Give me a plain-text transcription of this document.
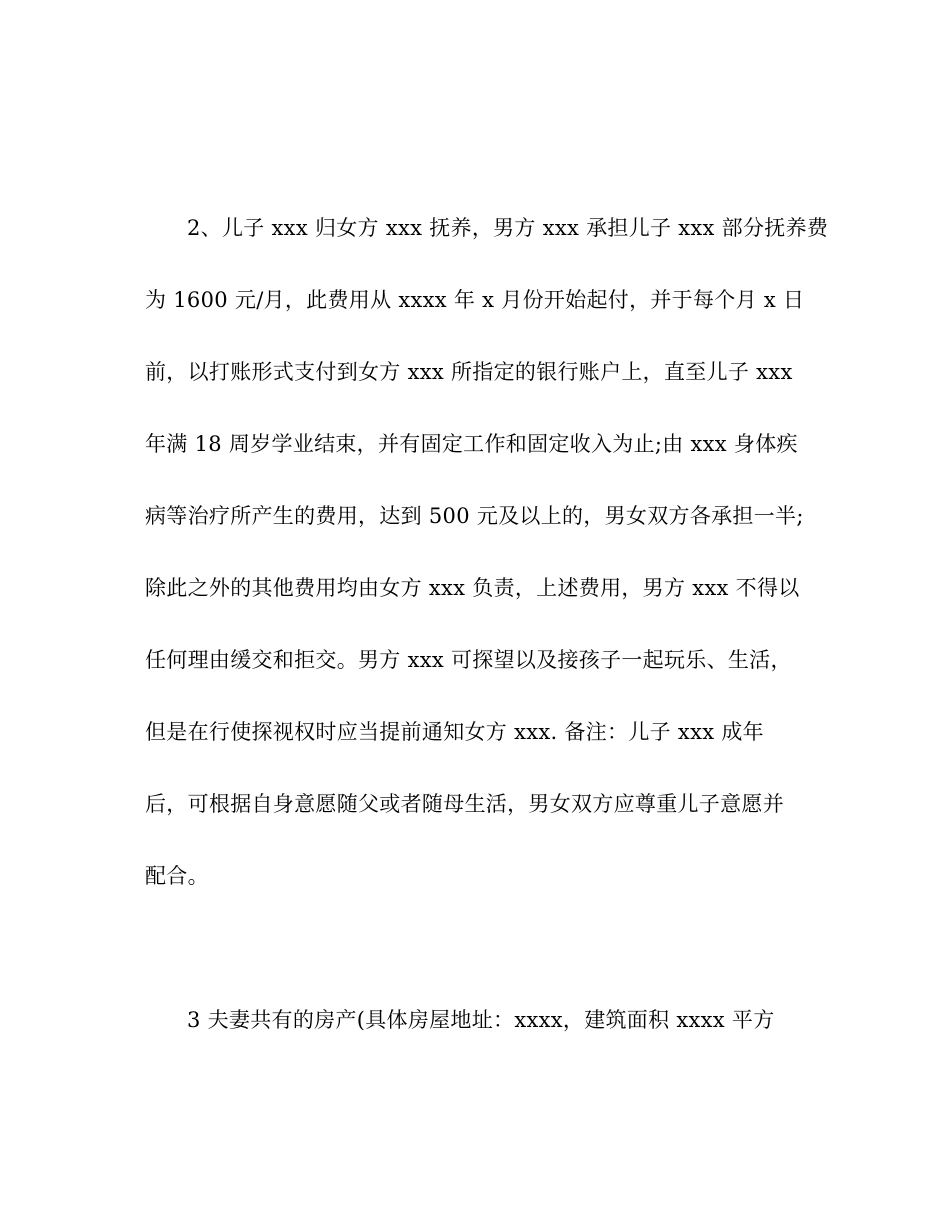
2、儿子 xxx 归女方 xxx 抚养，男方 xxx 承担儿子 xxx 部分抚养费
为 1600 元/月，此费用从 xxxx 年 x 月份开始起付，并于每个月 x 日
前，以打账形式支付到女方 xxx 所指定的银行账户上，直至儿子 xxx
年满 18 周岁学业结束，并有固定工作和固定收入为止;由 xxx 身体疾
病等治疗所产生的费用，达到 500 元及以上的，男女双方各承担一半;
除此之外的其他费用均由女方 xxx 负责，上述费用，男方 xxx 不得以
任何理由缓交和拒交。男方 xxx 可探望以及接孩子一起玩乐、生活，
但是在行使探视权时应当提前通知女方 xxx. 备注：儿子 xxx 成年
后，可根据自身意愿随父或者随母生活，男女双方应尊重儿子意愿并
配合。
3 夫妻共有的房产(具体房屋地址：xxxx，建筑面积 xxxx 平方
